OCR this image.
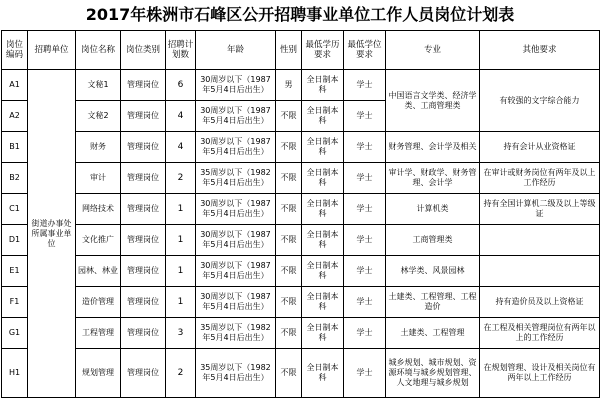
2017年株洲市石峰区公开招聘事业单位工作人员岗位计划表
岗位编码	招聘单位	岗位名称	岗位类别	招聘计划数	年龄	性别	最低学历要求	最低学位要求	专业	其他要求
A1	街道办事处所属事业单位	文秘1	管理岗位	6	30周岁以下（1987年5月4日后出生）	男	全日制本科	学士	中国语言文学类、经济学类、工商管理类	有较强的文字综合能力
A2		文秘2	管理岗位	4	30周岁以下（1987年5月4日后出生）	不限	全日制本科	学士		
B1		财务	管理岗位	4	30周岁以下（1987年5月4日后出生）	不限	全日制本科	学士	财务管理、会计学及相关	持有会计从业资格证
B2		审计	管理岗位	2	35周岁以下（1982年5月4日后出生）	不限	全日制本科	学士	审计学、财政学、财务管理、会计学	在审计或财务岗位有两年及以上工作经历
C1		网络技术	管理岗位	1	30周岁以下（1987年5月4日后出生）	不限	全日制本科	学士	计算机类	持有全国计算机二级及以上等级证
D1		文化推广	管理岗位	1	30周岁以下（1987年5月4日后出生）	不限	全日制本科	学士	工商管理类	
E1		园林、林业	管理岗位	1	30周岁以下（1987年5月4日后出生）	不限	全日制本科	学士	林学类、风景园林	
F1		造价管理	管理岗位	1	30周岁以下（1987年5月4日后出生）	不限	全日制本科	学士	土建类、工程管理、工程造价	持有造价员及以上资格证
G1		工程管理	管理岗位	3	35周岁以下（1982年5月4日后出生）	不限	全日制本科	学士	土建类、工程管理	在工程及相关管理岗位有两年以上的工作经历
H1		规划管理	管理岗位	2	35周岁以下（1982年5月4日后出生）	不限	全日制本科	学士	城乡规划、城市规划、资源环境与城乡规划管理、人文地理与城乡规划	在规划管理、设计及相关岗位有两年以上工作经历
